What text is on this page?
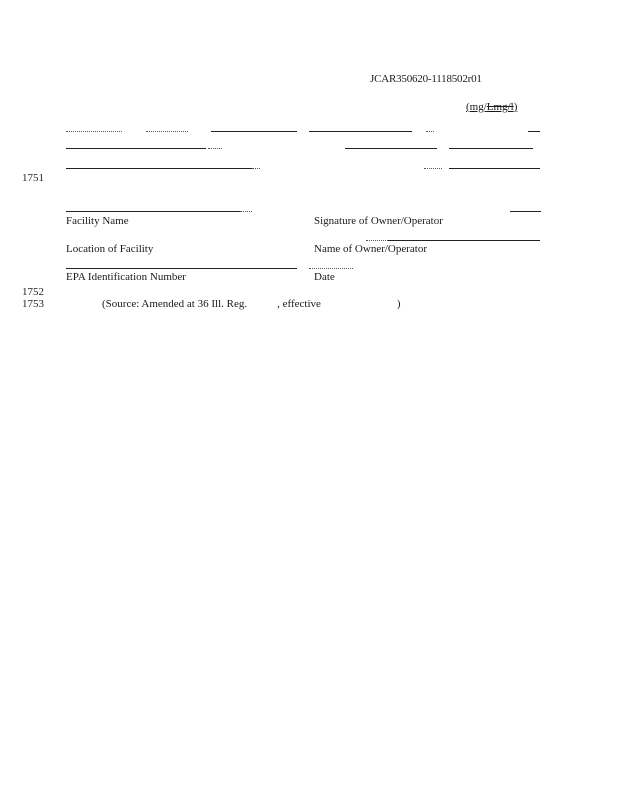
JCAR350620-1118502r01
(mg/Lmg/l)
1751
1752
1753
Facility Name
Location of Facility
EPA Identification Number
Signature of Owner/Operator
Name of Owner/Operator
Date
(Source: Amended at 36 Ill. Reg.	, effective	)
